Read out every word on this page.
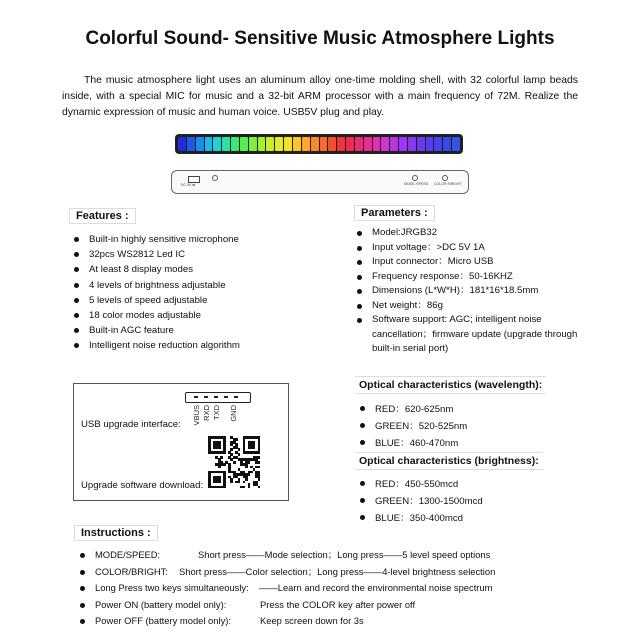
Colorful Sound- Sensitive Music Atmosphere Lights

The music atmosphere light uses an aluminum alloy one-time molding shell, with 32 colorful lamp beads inside, with a special MIC for music and a 32-bit ARM processor with a main frequency of 72M. Realize the dynamic expression of music and human voice. USB5V plug and play.

DC 5V ⇄	MODE /SPEED COLOR /BRIGHT
Features :
Built-in highly sensitive microphone
32pcs WS2812 Led IC
At least 8 display modes
4 levels of brightness adjustable
5 levels of speed adjustable
18 color modes adjustable
Built-in AGC feature
Intelligent noise reduction algorithm
Parameters :
Model:JRGB32
Input voltage：>DC 5V 1A
Input connector：Micro USB
Frequency response：50-16KHZ
Dimensions (L*W*H)：181*16*18.5mm
Net weight：86g
Software support: AGC; intelligent noise cancellation；firmware update (upgrade through built-in serial port)
VBUS RXD TXD GND
USB upgrade interface:
Upgrade software download:
Optical characteristics (wavelength):
RED：620-625nm
GREEN：520-525nm
BLUE：460-470nm
Optical characteristics (brightness):
RED：450-550mcd
GREEN：1300-1500mcd
BLUE：350-400mcd
Instructions :
MODE/SPEED:	Short press——Mode selection；Long press——5 level speed options
COLOR/BRIGHT: Short press——Color selection；Long press——4-level brightness selection
Long Press two keys simultaneously: ——Learn and record the environmental noise spectrum
Power ON (battery model only):	Press the COLOR key after power off
Power OFF (battery model only):	Keep screen down for 3s
